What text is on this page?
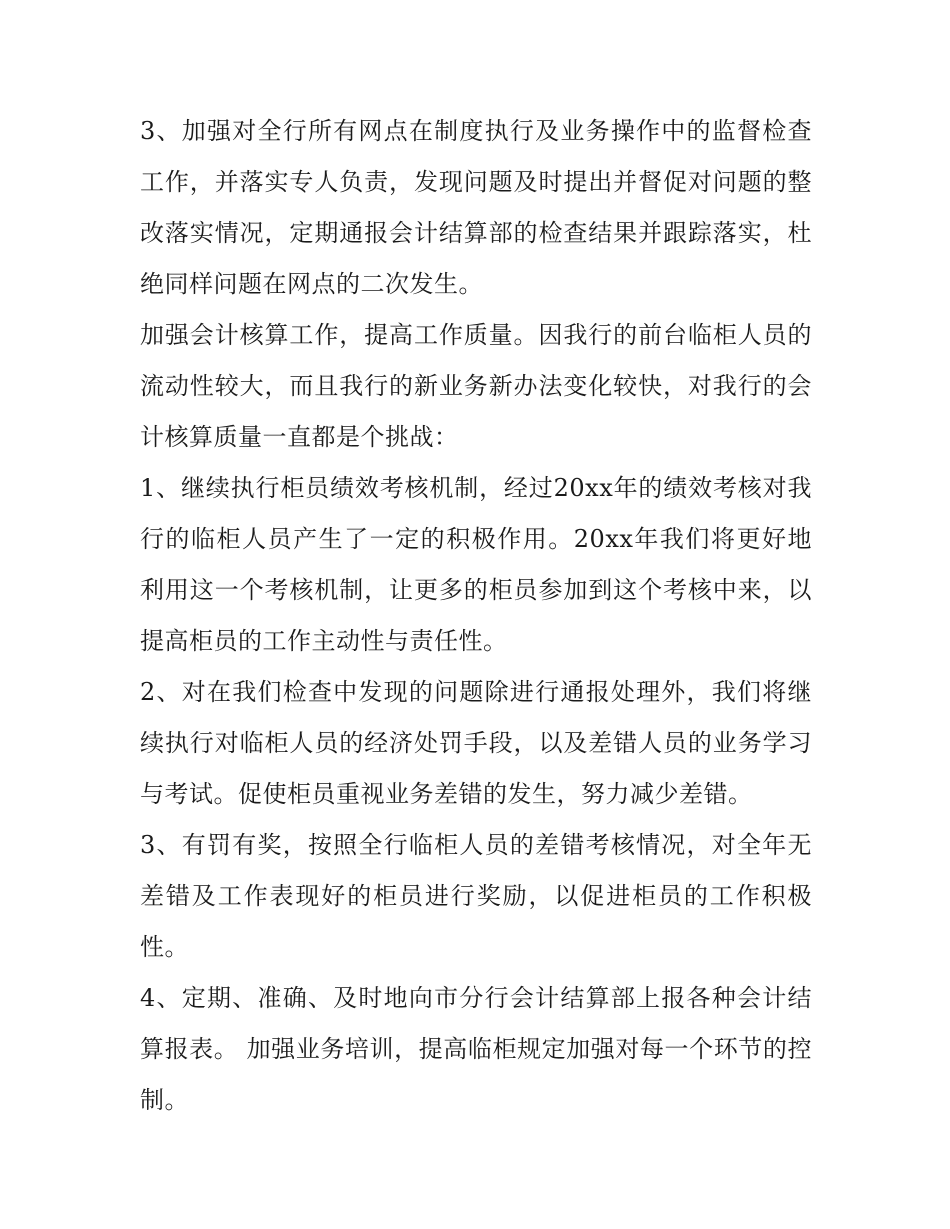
3、加强对全行所有网点在制度执行及业务操作中的监督检查工作，并落实专人负责，发现问题及时提出并督促对问题的整改落实情况，定期通报会计结算部的检查结果并跟踪落实，杜绝同样问题在网点的二次发生。

加强会计核算工作，提高工作质量。因我行的前台临柜人员的流动性较大，而且我行的新业务新办法变化较快，对我行的会计核算质量一直都是个挑战：

1、继续执行柜员绩效考核机制，经过20xx年的绩效考核对我行的临柜人员产生了一定的积极作用。20xx年我们将更好地利用这一个考核机制，让更多的柜员参加到这个考核中来，以提高柜员的工作主动性与责任性。

2、对在我们检查中发现的问题除进行通报处理外，我们将继续执行对临柜人员的经济处罚手段，以及差错人员的业务学习与考试。促使柜员重视业务差错的发生，努力减少差错。

3、有罚有奖，按照全行临柜人员的差错考核情况，对全年无差错及工作表现好的柜员进行奖励，以促进柜员的工作积极性。

4、定期、准确、及时地向市分行会计结算部上报各种会计结算报表。 加强业务培训，提高临柜规定加强对每一个环节的控制。
